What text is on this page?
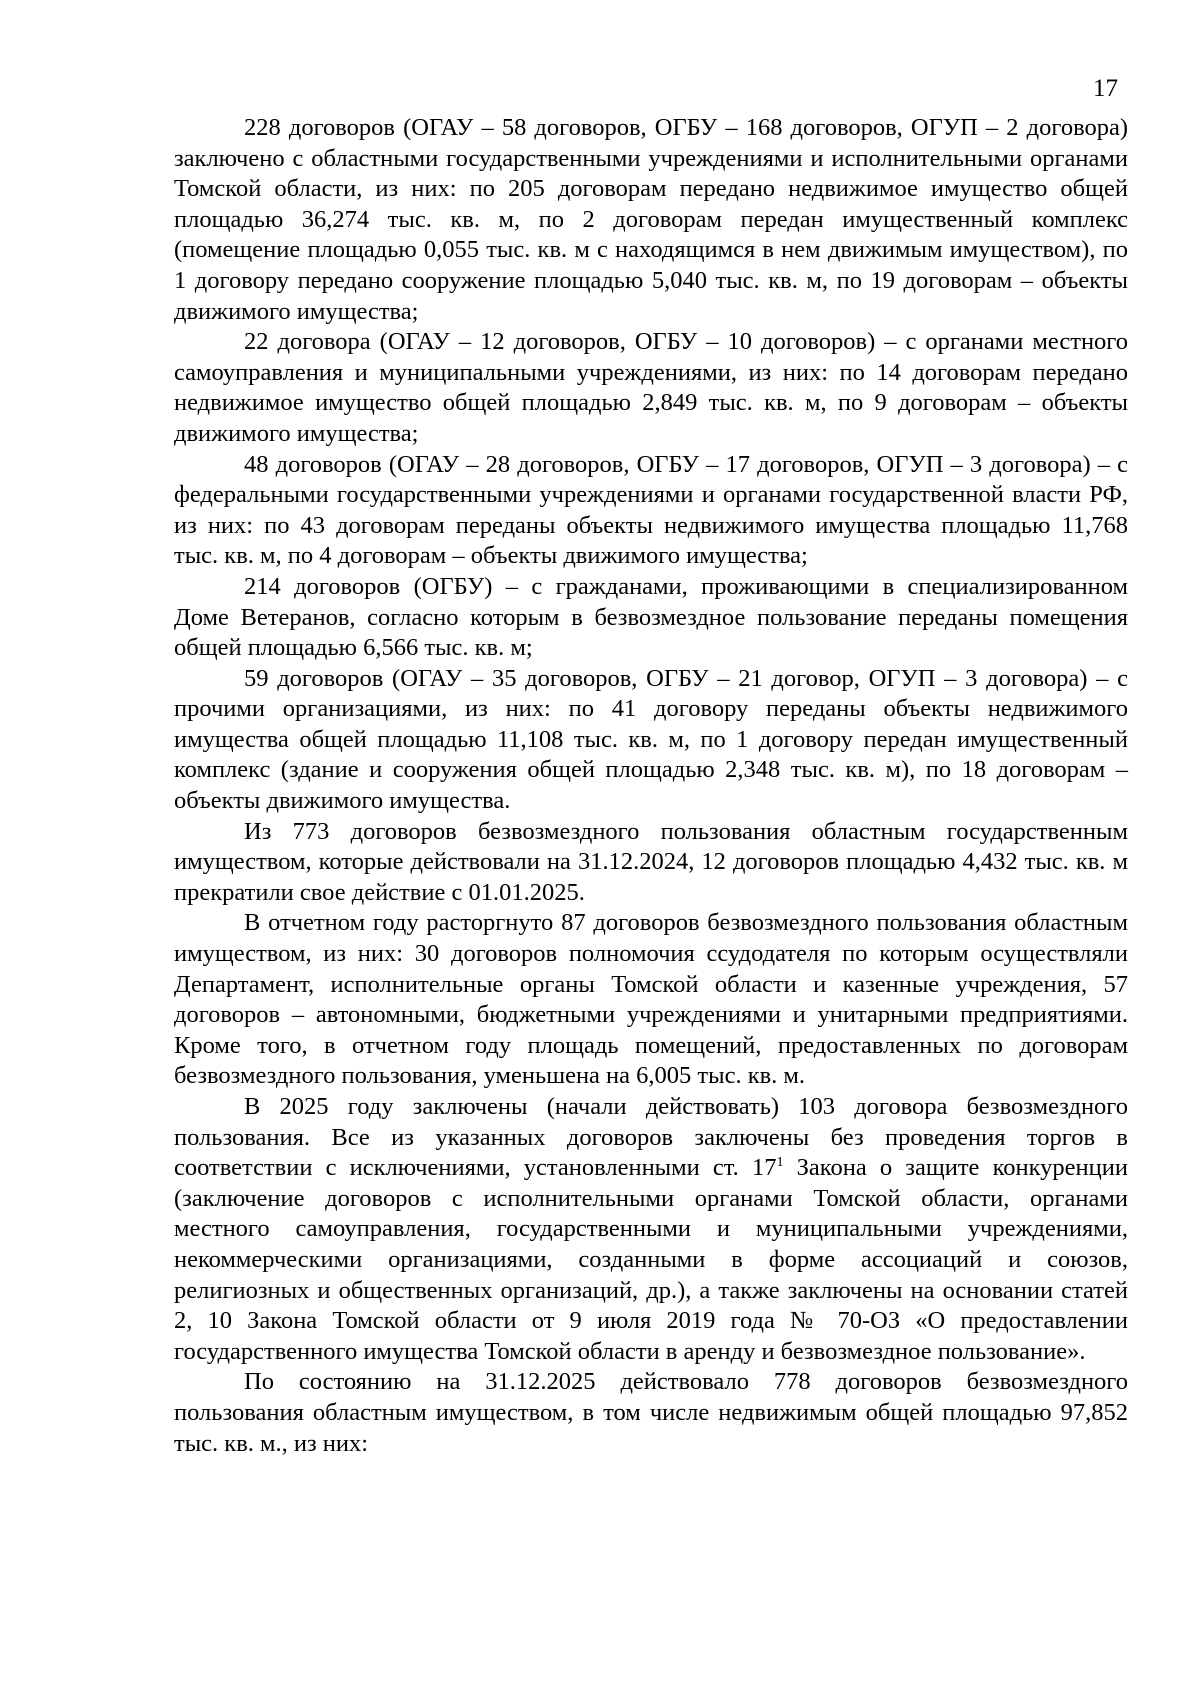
17

228 договоров (ОГАУ – 58 договоров, ОГБУ – 168 договоров, ОГУП – 2 договора) заключено с областными государственными учреждениями и исполнительными органами Томской области, из них: по 205 договорам передано недвижимое имущество общей площадью 36,274 тыс. кв. м, по 2 договорам передан имущественный комплекс (помещение площадью 0,055 тыс. кв. м с находящимся в нем движимым имуществом), по 1 договору передано сооружение площадью 5,040 тыс. кв. м, по 19 договорам – объекты движимого имущества;

22 договора (ОГАУ – 12 договоров, ОГБУ – 10 договоров) – с органами местного самоуправления и муниципальными учреждениями, из них: по 14 договорам передано недвижимое имущество общей площадью 2,849 тыс. кв. м, по 9 договорам – объекты движимого имущества;

48 договоров (ОГАУ – 28 договоров, ОГБУ – 17 договоров, ОГУП – 3 договора) – с федеральными государственными учреждениями и органами государственной власти РФ, из них: по 43 договорам переданы объекты недвижимого имущества площадью 11,768 тыс. кв. м, по 4 договорам – объекты движимого имущества;

214 договоров (ОГБУ) – с гражданами, проживающими в специализированном Доме Ветеранов, согласно которым в безвозмездное пользование переданы помещения общей площадью 6,566 тыс. кв. м;

59 договоров (ОГАУ – 35 договоров, ОГБУ – 21 договор, ОГУП – 3 договора) – с прочими организациями, из них: по 41 договору переданы объекты недвижимого имущества общей площадью 11,108 тыс. кв. м, по 1 договору передан имущественный комплекс (здание и сооружения общей площадью 2,348 тыс. кв. м), по 18 договорам – объекты движимого имущества.

Из 773 договоров безвозмездного пользования областным государственным имуществом, которые действовали на 31.12.2024, 12 договоров площадью 4,432 тыс. кв. м прекратили свое действие с 01.01.2025.

В отчетном году расторгнуто 87 договоров безвозмездного пользования областным имуществом, из них: 30 договоров полномочия ссудодателя по которым осуществляли Департамент, исполнительные органы Томской области и казенные учреждения, 57 договоров – автономными, бюджетными учреждениями и унитарными предприятиями. Кроме того, в отчетном году площадь помещений, предоставленных по договорам безвозмездного пользования, уменьшена на 6,005 тыс. кв. м.

В 2025 году заключены (начали действовать) 103 договора безвозмездного пользования. Все из указанных договоров заключены без проведения торгов в соответствии с исключениями, установленными ст. $17^1$ Закона о защите конкуренции (заключение договоров с исполнительными органами Томской области, органами местного самоуправления, государственными и муниципальными учреждениями, некоммерческими организациями, созданными в форме ассоциаций и союзов, религиозных и общественных организаций, др.), а также заключены на основании статей 2, 10 Закона Томской области от 9 июля 2019 года № 70-ОЗ «О предоставлении государственного имущества Томской области в аренду и безвозмездное пользование».

По состоянию на 31.12.2025 действовало 778 договоров безвозмездного пользования областным имуществом, в том числе недвижимым общей площадью 97,852 тыс. кв. м., из них:
